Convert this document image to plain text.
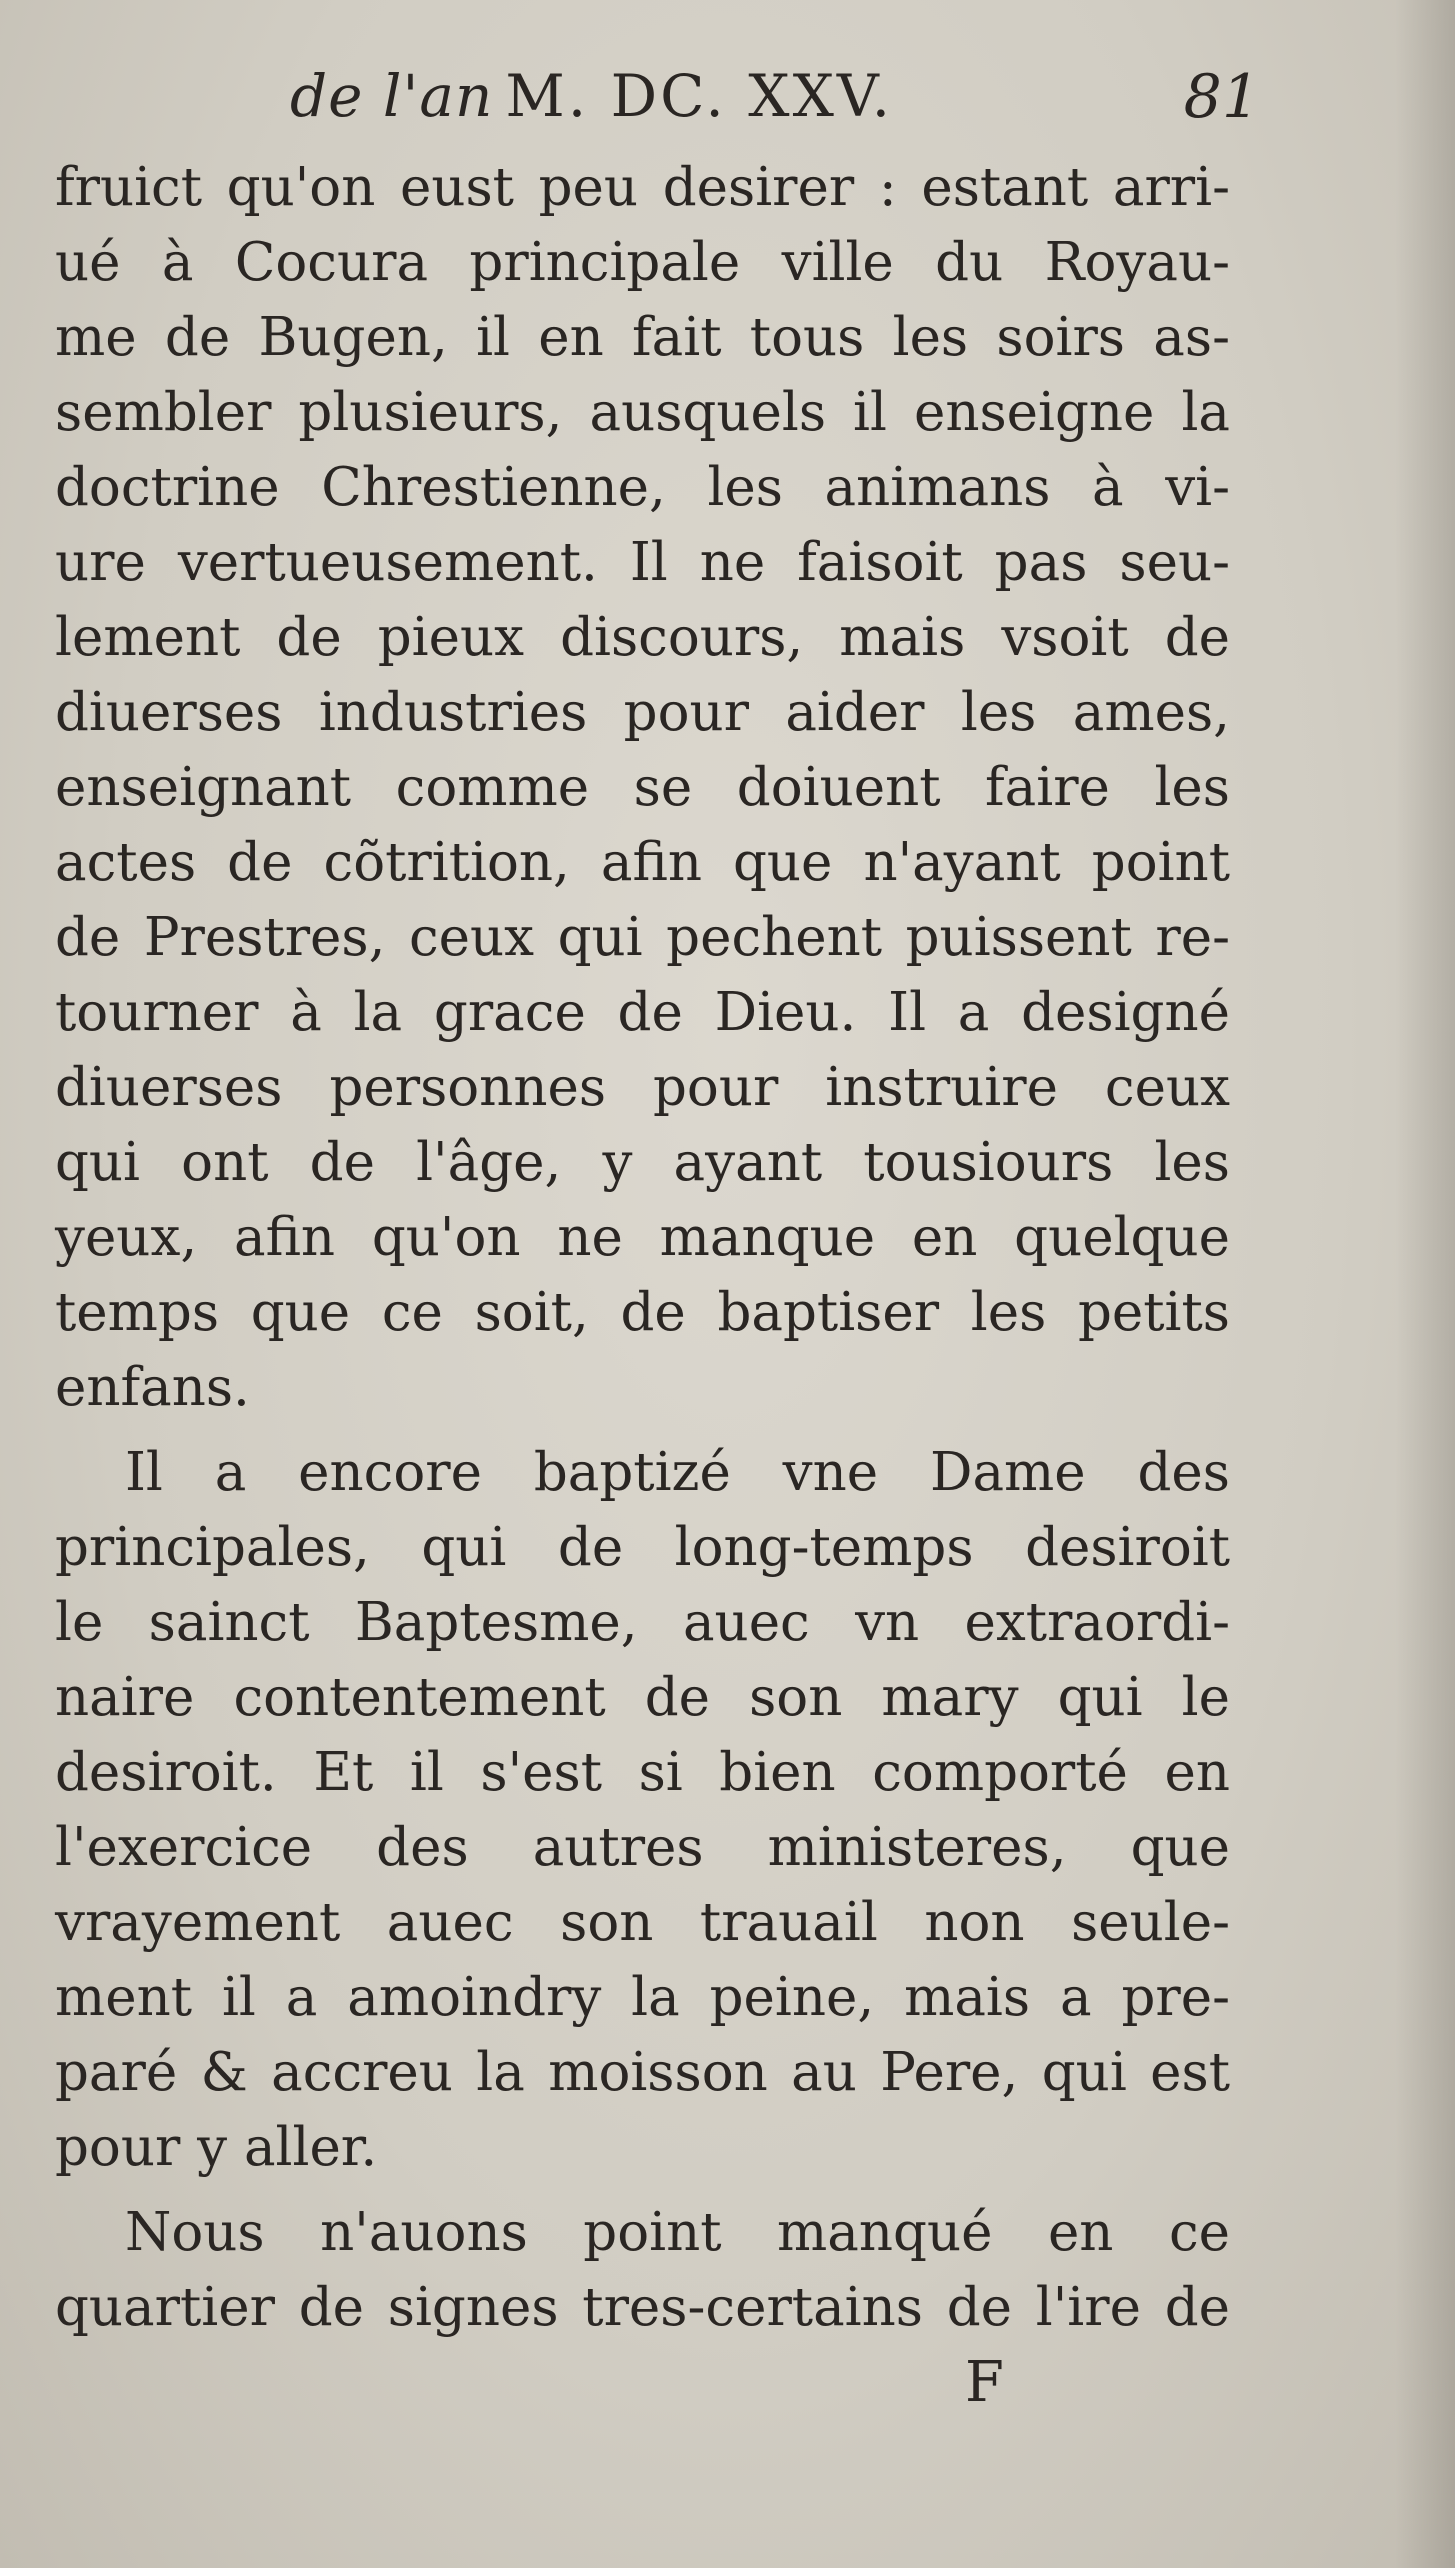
de l'an M. DC. XXV.	81
fruict qu'on eust peu desirer : estant arri-
ué à Cocura principale ville du Royau-
me de Bugen, il en fait tous les soirs as-
sembler plusieurs, ausquels il enseigne la
doctrine Chrestienne, les animans à vi-
ure vertueusement. Il ne faisoit pas seu-
lement de pieux discours, mais vsoit de
diuerses industries pour aider les ames,
enseignant comme se doiuent faire les
actes de cõtrition, afin que n'ayant point
de Prestres, ceux qui pechent puissent re-
tourner à la grace de Dieu. Il a designé
diuerses personnes pour instruire ceux
qui ont de l'âge, y ayant tousiours les
yeux, afin qu'on ne manque en quelque
temps que ce soit, de baptiser les petits
enfans.
Il a encore baptizé vne Dame des
principales, qui de long-temps desiroit
le sainct Baptesme, auec vn extraordi-
naire contentement de son mary qui le
desiroit. Et il s'est si bien comporté en
l'exercice des autres ministeres, que
vrayement auec son trauail non seule-
ment il a amoindry la peine, mais a pre-
paré & accreu la moisson au Pere, qui est
pour y aller.
Nous n'auons point manqué en ce
quartier de signes tres-certains de l'ire de
F
